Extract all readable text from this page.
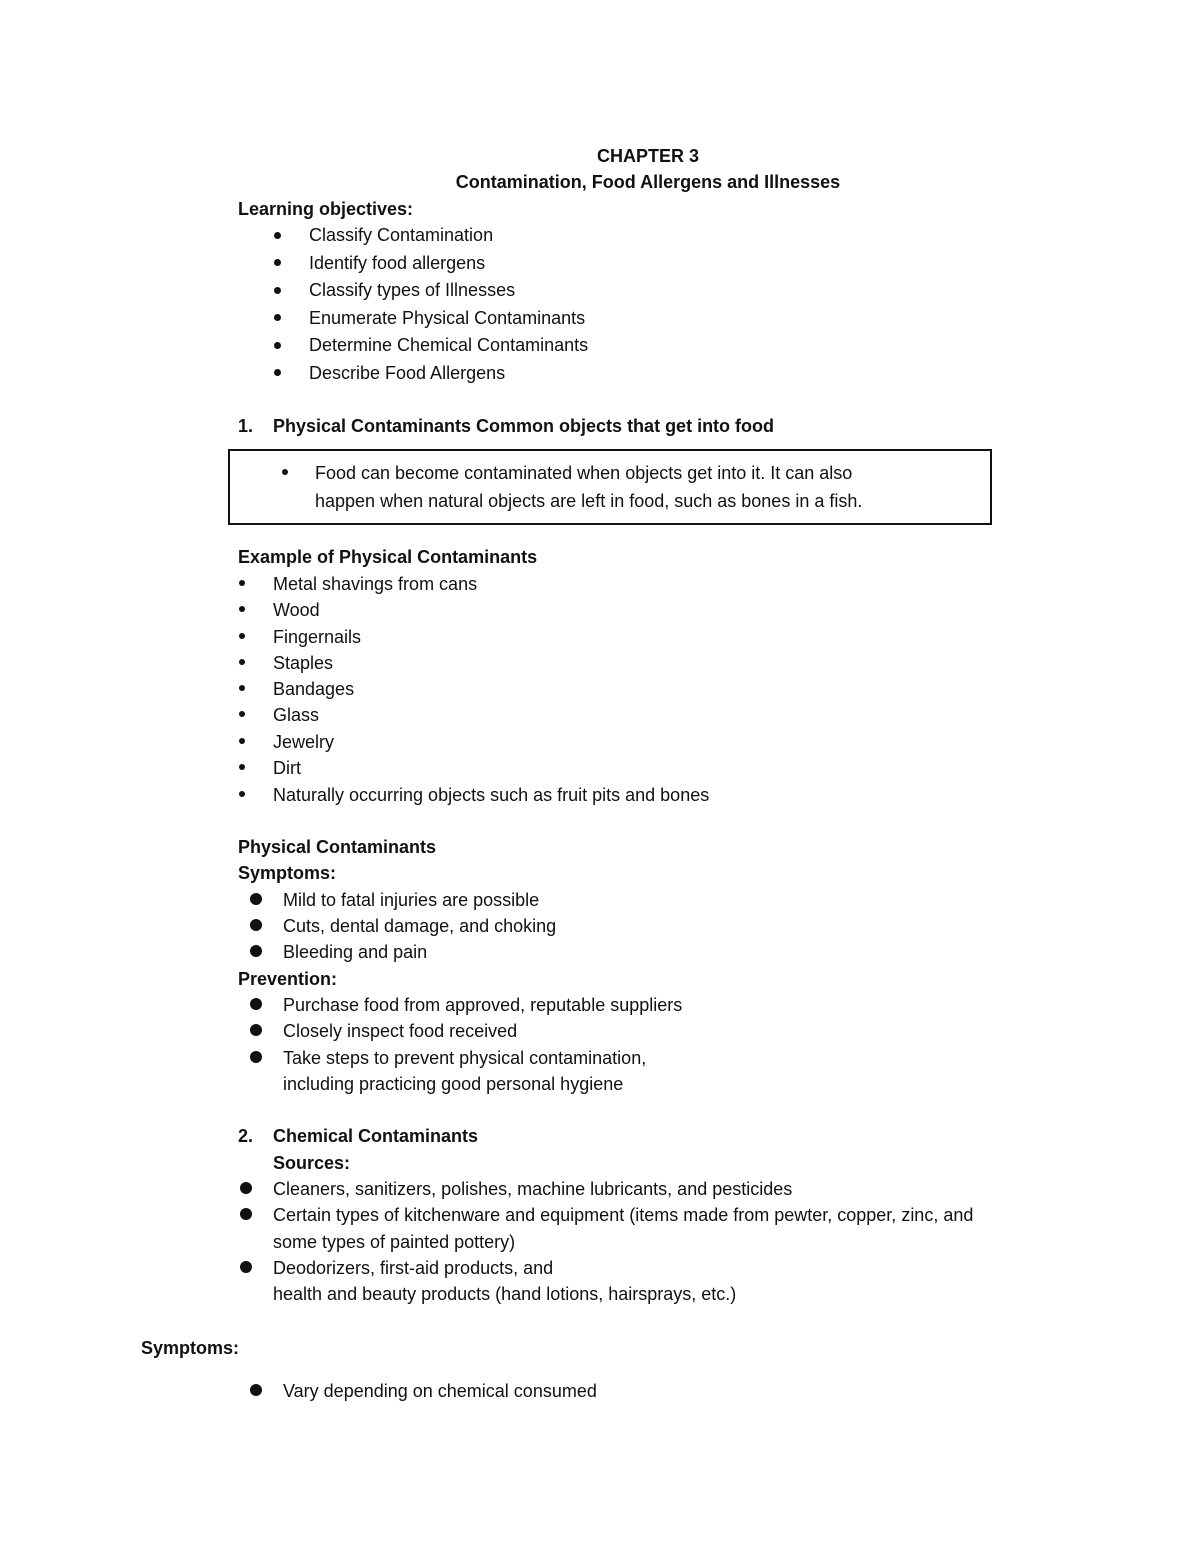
CHAPTER 3
Contamination, Food Allergens and Illnesses
Learning objectives:
Classify Contamination
Identify food allergens
Classify types of Illnesses
Enumerate Physical Contaminants
Determine Chemical Contaminants
Describe Food Allergens
1. Physical Contaminants Common objects that get into food
Food can become contaminated when objects get into it. It can also
happen when natural objects are left in food, such as bones in a fish.
Example of Physical Contaminants
Metal shavings from cans
Wood
Fingernails
Staples
Bandages
Glass
Jewelry
Dirt
Naturally occurring objects such as fruit pits and bones
Physical Contaminants
Symptoms:
Mild to fatal injuries are possible
Cuts, dental damage, and choking
Bleeding and pain
Prevention:
Purchase food from approved, reputable suppliers
Closely inspect food received
Take steps to prevent physical contamination,
including practicing good personal hygiene
2. Chemical Contaminants
Sources:
Cleaners, sanitizers, polishes, machine lubricants, and pesticides
Certain types of kitchenware and equipment (items made from pewter, copper, zinc, and
some types of painted pottery)
Deodorizers, first-aid products, and
health and beauty products (hand lotions, hairsprays, etc.)
Symptoms:
Vary depending on chemical consumed
